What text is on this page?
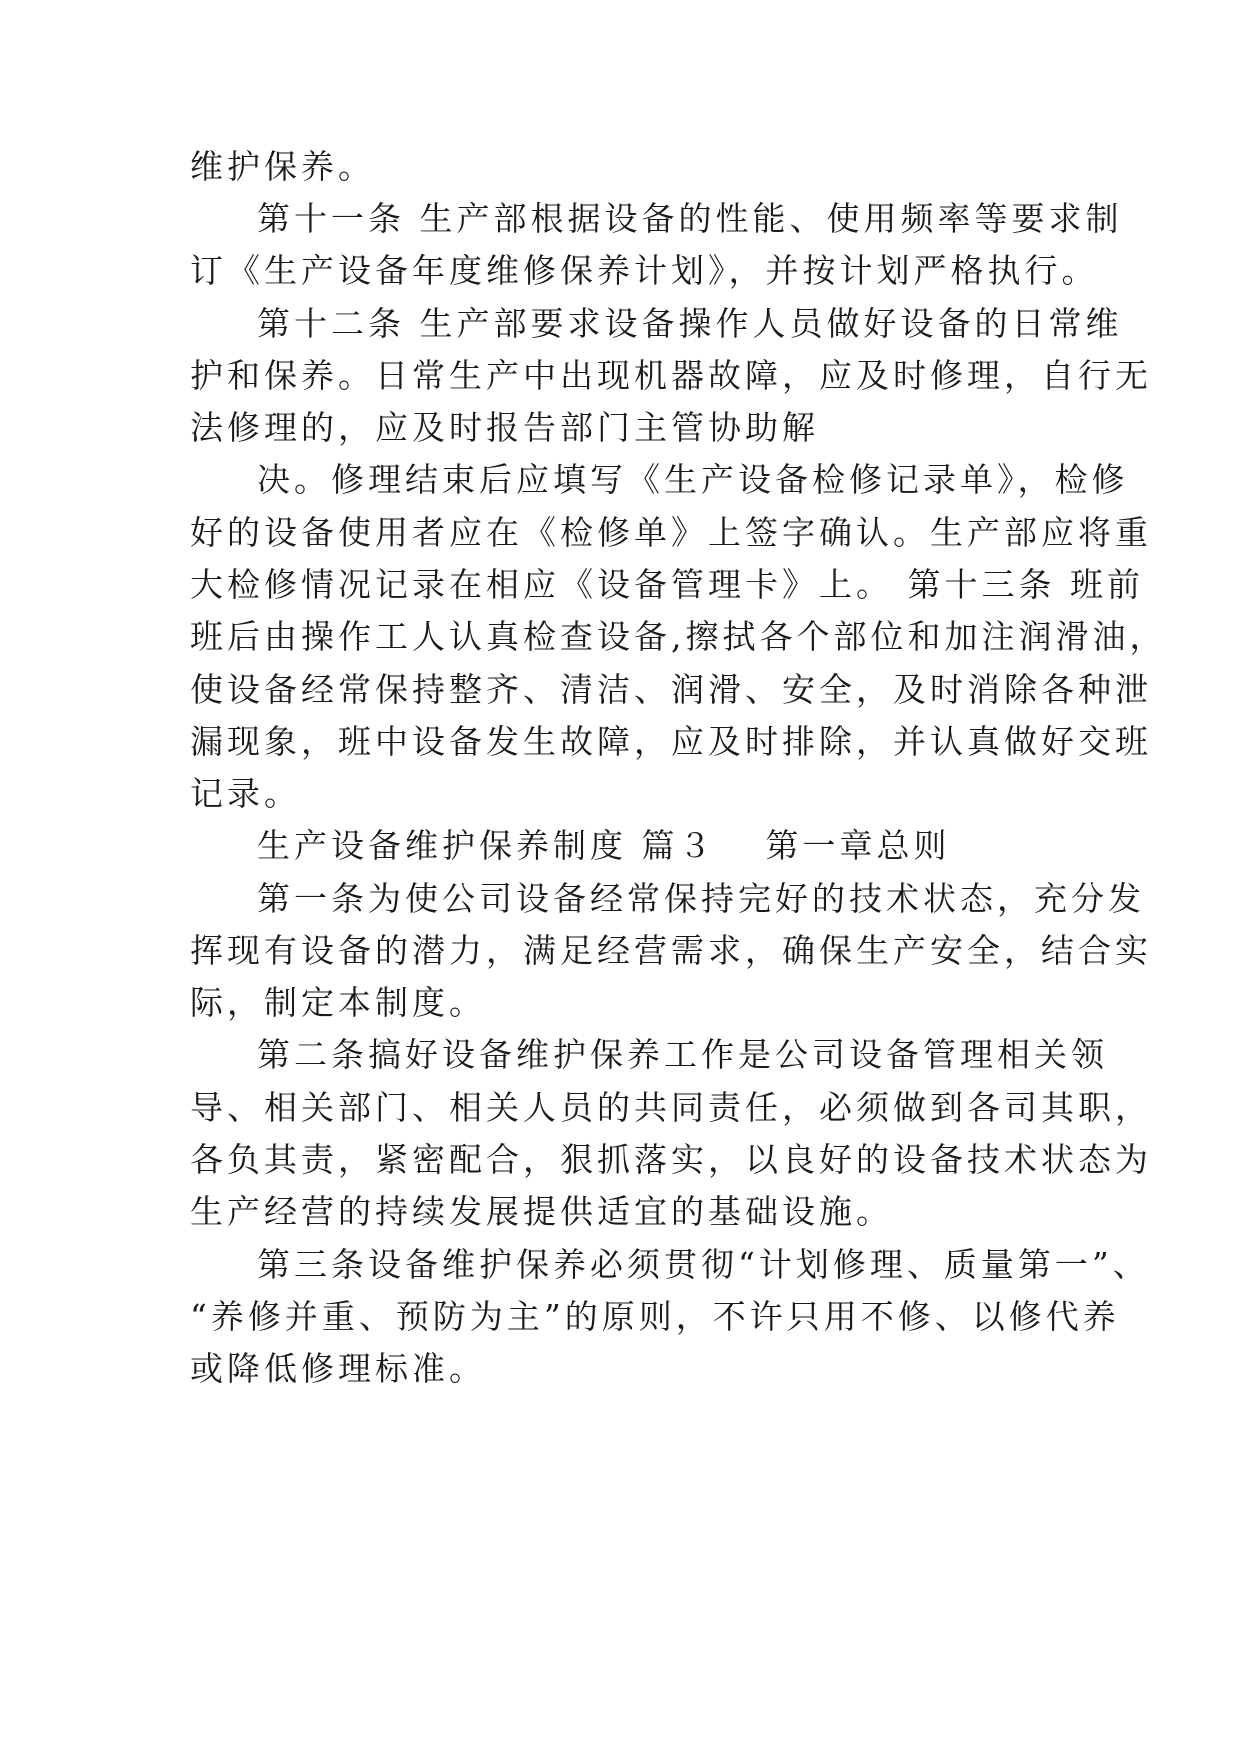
维护保养。
第十一条 生产部根据设备的性能、使用频率等要求制
订《生产设备年度维修保养计划》，并按计划严格执行。
第十二条 生产部要求设备操作人员做好设备的日常维
护和保养。日常生产中出现机器故障，应及时修理，自行无
法修理的，应及时报告部门主管协助解
决。修理结束后应填写《生产设备检修记录单》，检修
好的设备使用者应在《检修单》上签字确认。生产部应将重
大检修情况记录在相应《设备管理卡》上。 第十三条 班前
班后由操作工人认真检查设备,擦拭各个部位和加注润滑油，
使设备经常保持整齐、清洁、润滑、安全，及时消除各种泄
漏现象，班中设备发生故障，应及时排除，并认真做好交班
记录。
生产设备维护保养制度 篇３ 第一章总则
第一条为使公司设备经常保持完好的技术状态，充分发
挥现有设备的潜力，满足经营需求，确保生产安全，结合实
际，制定本制度。
第二条搞好设备维护保养工作是公司设备管理相关领
导、相关部门、相关人员的共同责任，必须做到各司其职，
各负其责，紧密配合，狠抓落实，以良好的设备技术状态为
生产经营的持续发展提供适宜的基础设施。
第三条设备维护保养必须贯彻“计划修理、质量第一”、
“养修并重、预防为主”的原则，不许只用不修、以修代养
或降低修理标准。
